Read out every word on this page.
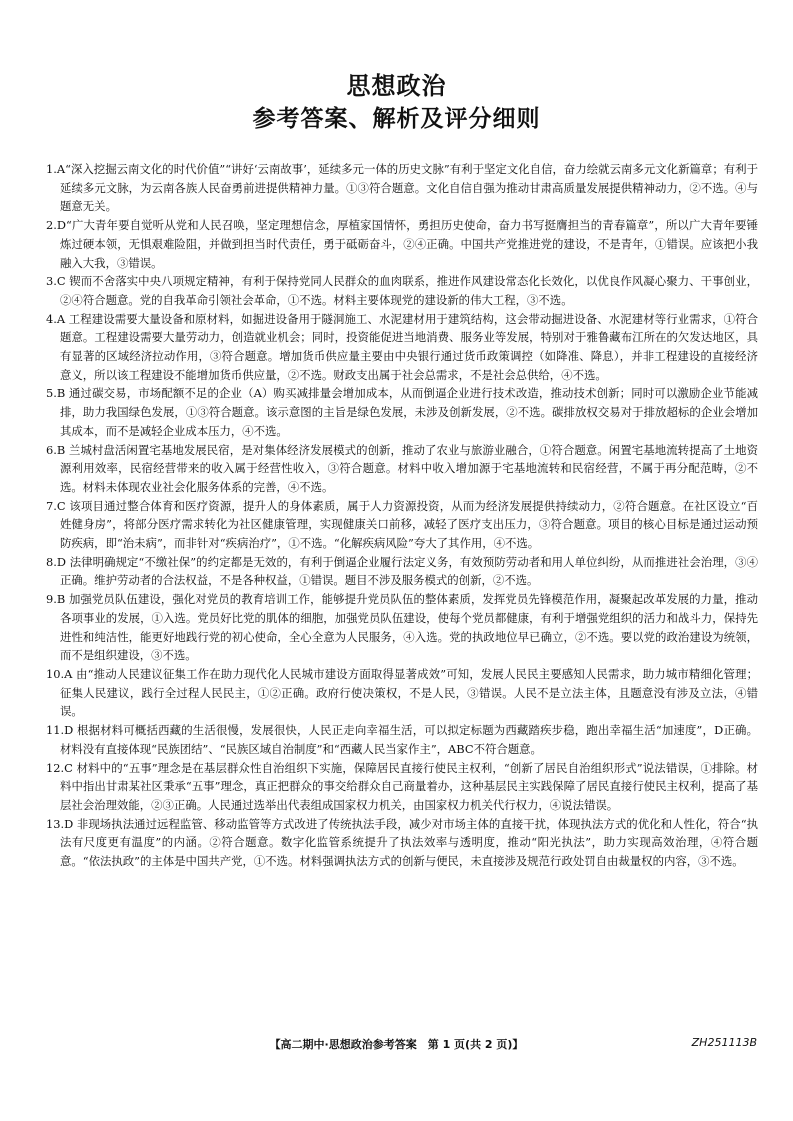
思想政治
参考答案、解析及评分细则

1.A“深入挖掘云南文化的时代价值”“讲好‘云南故事’，延续多元一体的历史文脉”有利于坚定文化自信，奋力绘就云南多元文化新篇章；有利于延续多元文脉，为云南各族人民奋勇前进提供精神力量。①③符合题意。文化自信自强为推动甘肃高质量发展提供精神动力，②不选。④与题意无关。

2.D“广大青年要自觉听从党和人民召唤，坚定理想信念，厚植家国情怀，勇担历史使命，奋力书写挺膺担当的青春篇章”，所以广大青年要锤炼过硬本领，无惧艰难险阻，并做到担当时代责任，勇于砥砺奋斗，②④正确。中国共产党推进党的建设，不是青年，①错误。应该把小我融入大我，③错误。

3.C 锲而不舍落实中央八项规定精神，有利于保持党同人民群众的血肉联系，推进作风建设常态化长效化，以优良作风凝心聚力、干事创业，②④符合题意。党的自我革命引领社会革命，①不选。材料主要体现党的建设新的伟大工程，③不选。

4.A 工程建设需要大量设备和原材料，如掘进设备用于隧洞施工、水泥建材用于建筑结构，这会带动掘进设备、水泥建材等行业需求，①符合题意。工程建设需要大量劳动力，创造就业机会；同时，投资能促进当地消费、服务业等发展，特别对于雅鲁藏布江所在的欠发达地区，具有显著的区域经济拉动作用，③符合题意。增加货币供应量主要由中央银行通过货币政策调控（如降准、降息），并非工程建设的直接经济意义，所以该工程建设不能增加货币供应量，②不选。财政支出属于社会总需求，不是社会总供给，④不选。

5.B 通过碳交易，市场配额不足的企业（A）购买减排量会增加成本，从而倒逼企业进行技术改造，推动技术创新；同时可以激励企业节能减排，助力我国绿色发展，①③符合题意。该示意图的主旨是绿色发展，未涉及创新发展，②不选。碳排放权交易对于排放超标的企业会增加其成本，而不是减轻企业成本压力，④不选。

6.B 兰城村盘活闲置宅基地发展民宿，是对集体经济发展模式的创新，推动了农业与旅游业融合，①符合题意。闲置宅基地流转提高了土地资源利用效率，民宿经营带来的收入属于经营性收入，③符合题意。材料中收入增加源于宅基地流转和民宿经营，不属于再分配范畴，②不选。材料未体现农业社会化服务体系的完善，④不选。

7.C 该项目通过整合体育和医疗资源，提升人的身体素质，属于人力资源投资，从而为经济发展提供持续动力，②符合题意。在社区设立“百姓健身房”，将部分医疗需求转化为社区健康管理，实现健康关口前移，减轻了医疗支出压力，③符合题意。项目的核心目标是通过运动预防疾病，即“治未病”，而非针对“疾病治疗”，①不选。“化解疾病风险”夸大了其作用，④不选。

8.D 法律明确规定“不缴社保”的约定都是无效的，有利于倒逼企业履行法定义务，有效预防劳动者和用人单位纠纷，从而推进社会治理，③④正确。维护劳动者的合法权益，不是各种权益，①错误。题目不涉及服务模式的创新，②不选。

9.B 加强党员队伍建设，强化对党员的教育培训工作，能够提升党员队伍的整体素质，发挥党员先锋模范作用，凝聚起改革发展的力量，推动各项事业的发展，①入选。党员好比党的肌体的细胞，加强党员队伍建设，使每个党员都健康，有利于增强党组织的活力和战斗力，保持先进性和纯洁性，能更好地践行党的初心使命，全心全意为人民服务，④入选。党的执政地位早已确立，②不选。要以党的政治建设为统领，而不是组织建设，③不选。

10.A 由“推动人民建议征集工作在助力现代化人民城市建设方面取得显著成效”可知，发展人民民主要感知人民需求，助力城市精细化管理；征集人民建议，践行全过程人民民主，①②正确。政府行使决策权，不是人民，③错误。人民不是立法主体，且题意没有涉及立法，④错误。

11.D 根据材料可概括西藏的生活很慢，发展很快，人民正走向幸福生活，可以拟定标题为西藏踏疾步稳，跑出幸福生活“加速度”，D正确。材料没有直接体现“民族团结”、“民族区域自治制度”和“西藏人民当家作主”，ABC不符合题意。

12.C 材料中的“五事”理念是在基层群众性自治组织下实施，保障居民直接行使民主权利，“创新了居民自治组织形式”说法错误，①排除。材料中指出甘肃某社区秉承“五事”理念，真正把群众的事交给群众自己商量着办，这种基层民主实践保障了居民直接行使民主权利，提高了基层社会治理效能，②③正确。人民通过选举出代表组成国家权力机关，由国家权力机关代行权力，④说法错误。

13.D 非现场执法通过远程监管、移动监管等方式改进了传统执法手段，减少对市场主体的直接干扰，体现执法方式的优化和人性化，符合“执法有尺度更有温度”的内涵。②符合题意。数字化监管系统提升了执法效率与透明度，推动“阳光执法”，助力实现高效治理，④符合题意。“依法执政”的主体是中国共产党，①不选。材料强调执法方式的创新与便民，未直接涉及规范行政处罚自由裁量权的内容，③不选。

【高二期中·思想政治参考答案　第 1 页(共 2 页)】	ZH251113B
